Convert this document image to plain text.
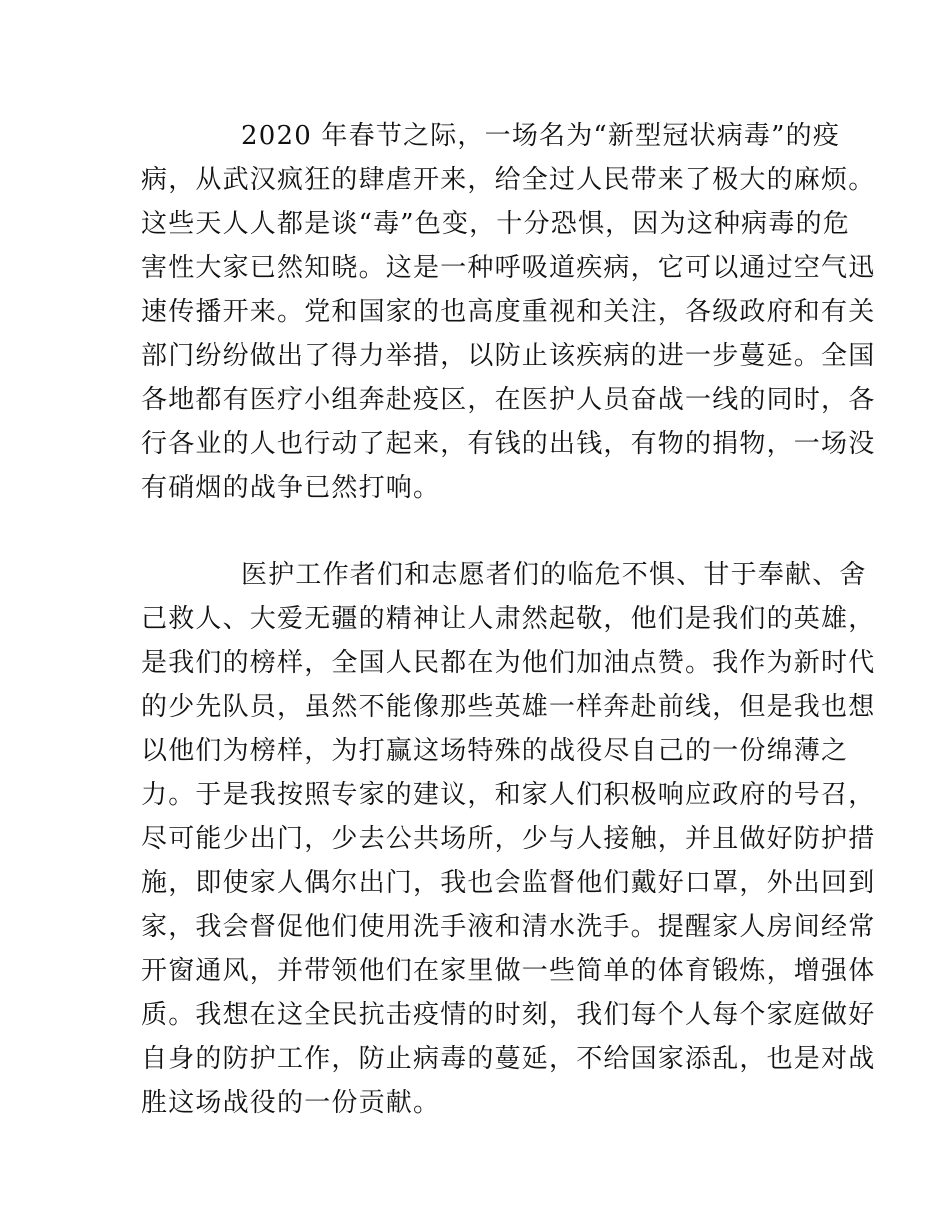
2020 年春节之际，一场名为“新型冠状病毒”的疫
病，从武汉疯狂的肆虐开来，给全过人民带来了极大的麻烦。
这些天人人都是谈“毒”色变，十分恐惧，因为这种病毒的危
害性大家已然知晓。这是一种呼吸道疾病，它可以通过空气迅
速传播开来。党和国家的也高度重视和关注，各级政府和有关
部门纷纷做出了得力举措，以防止该疾病的进一步蔓延。全国
各地都有医疗小组奔赴疫区，在医护人员奋战一线的同时，各
行各业的人也行动了起来，有钱的出钱，有物的捐物，一场没
有硝烟的战争已然打响。
医护工作者们和志愿者们的临危不惧、甘于奉献、舍
己救人、大爱无疆的精神让人肃然起敬，他们是我们的英雄，
是我们的榜样，全国人民都在为他们加油点赞。我作为新时代
的少先队员，虽然不能像那些英雄一样奔赴前线，但是我也想
以他们为榜样，为打赢这场特殊的战役尽自己的一份绵薄之
力。于是我按照专家的建议，和家人们积极响应政府的号召，
尽可能少出门，少去公共场所，少与人接触，并且做好防护措
施，即使家人偶尔出门，我也会监督他们戴好口罩，外出回到
家，我会督促他们使用洗手液和清水洗手。提醒家人房间经常
开窗通风，并带领他们在家里做一些简单的体育锻炼，增强体
质。我想在这全民抗击疫情的时刻，我们每个人每个家庭做好
自身的防护工作，防止病毒的蔓延，不给国家添乱，也是对战
胜这场战役的一份贡献。
